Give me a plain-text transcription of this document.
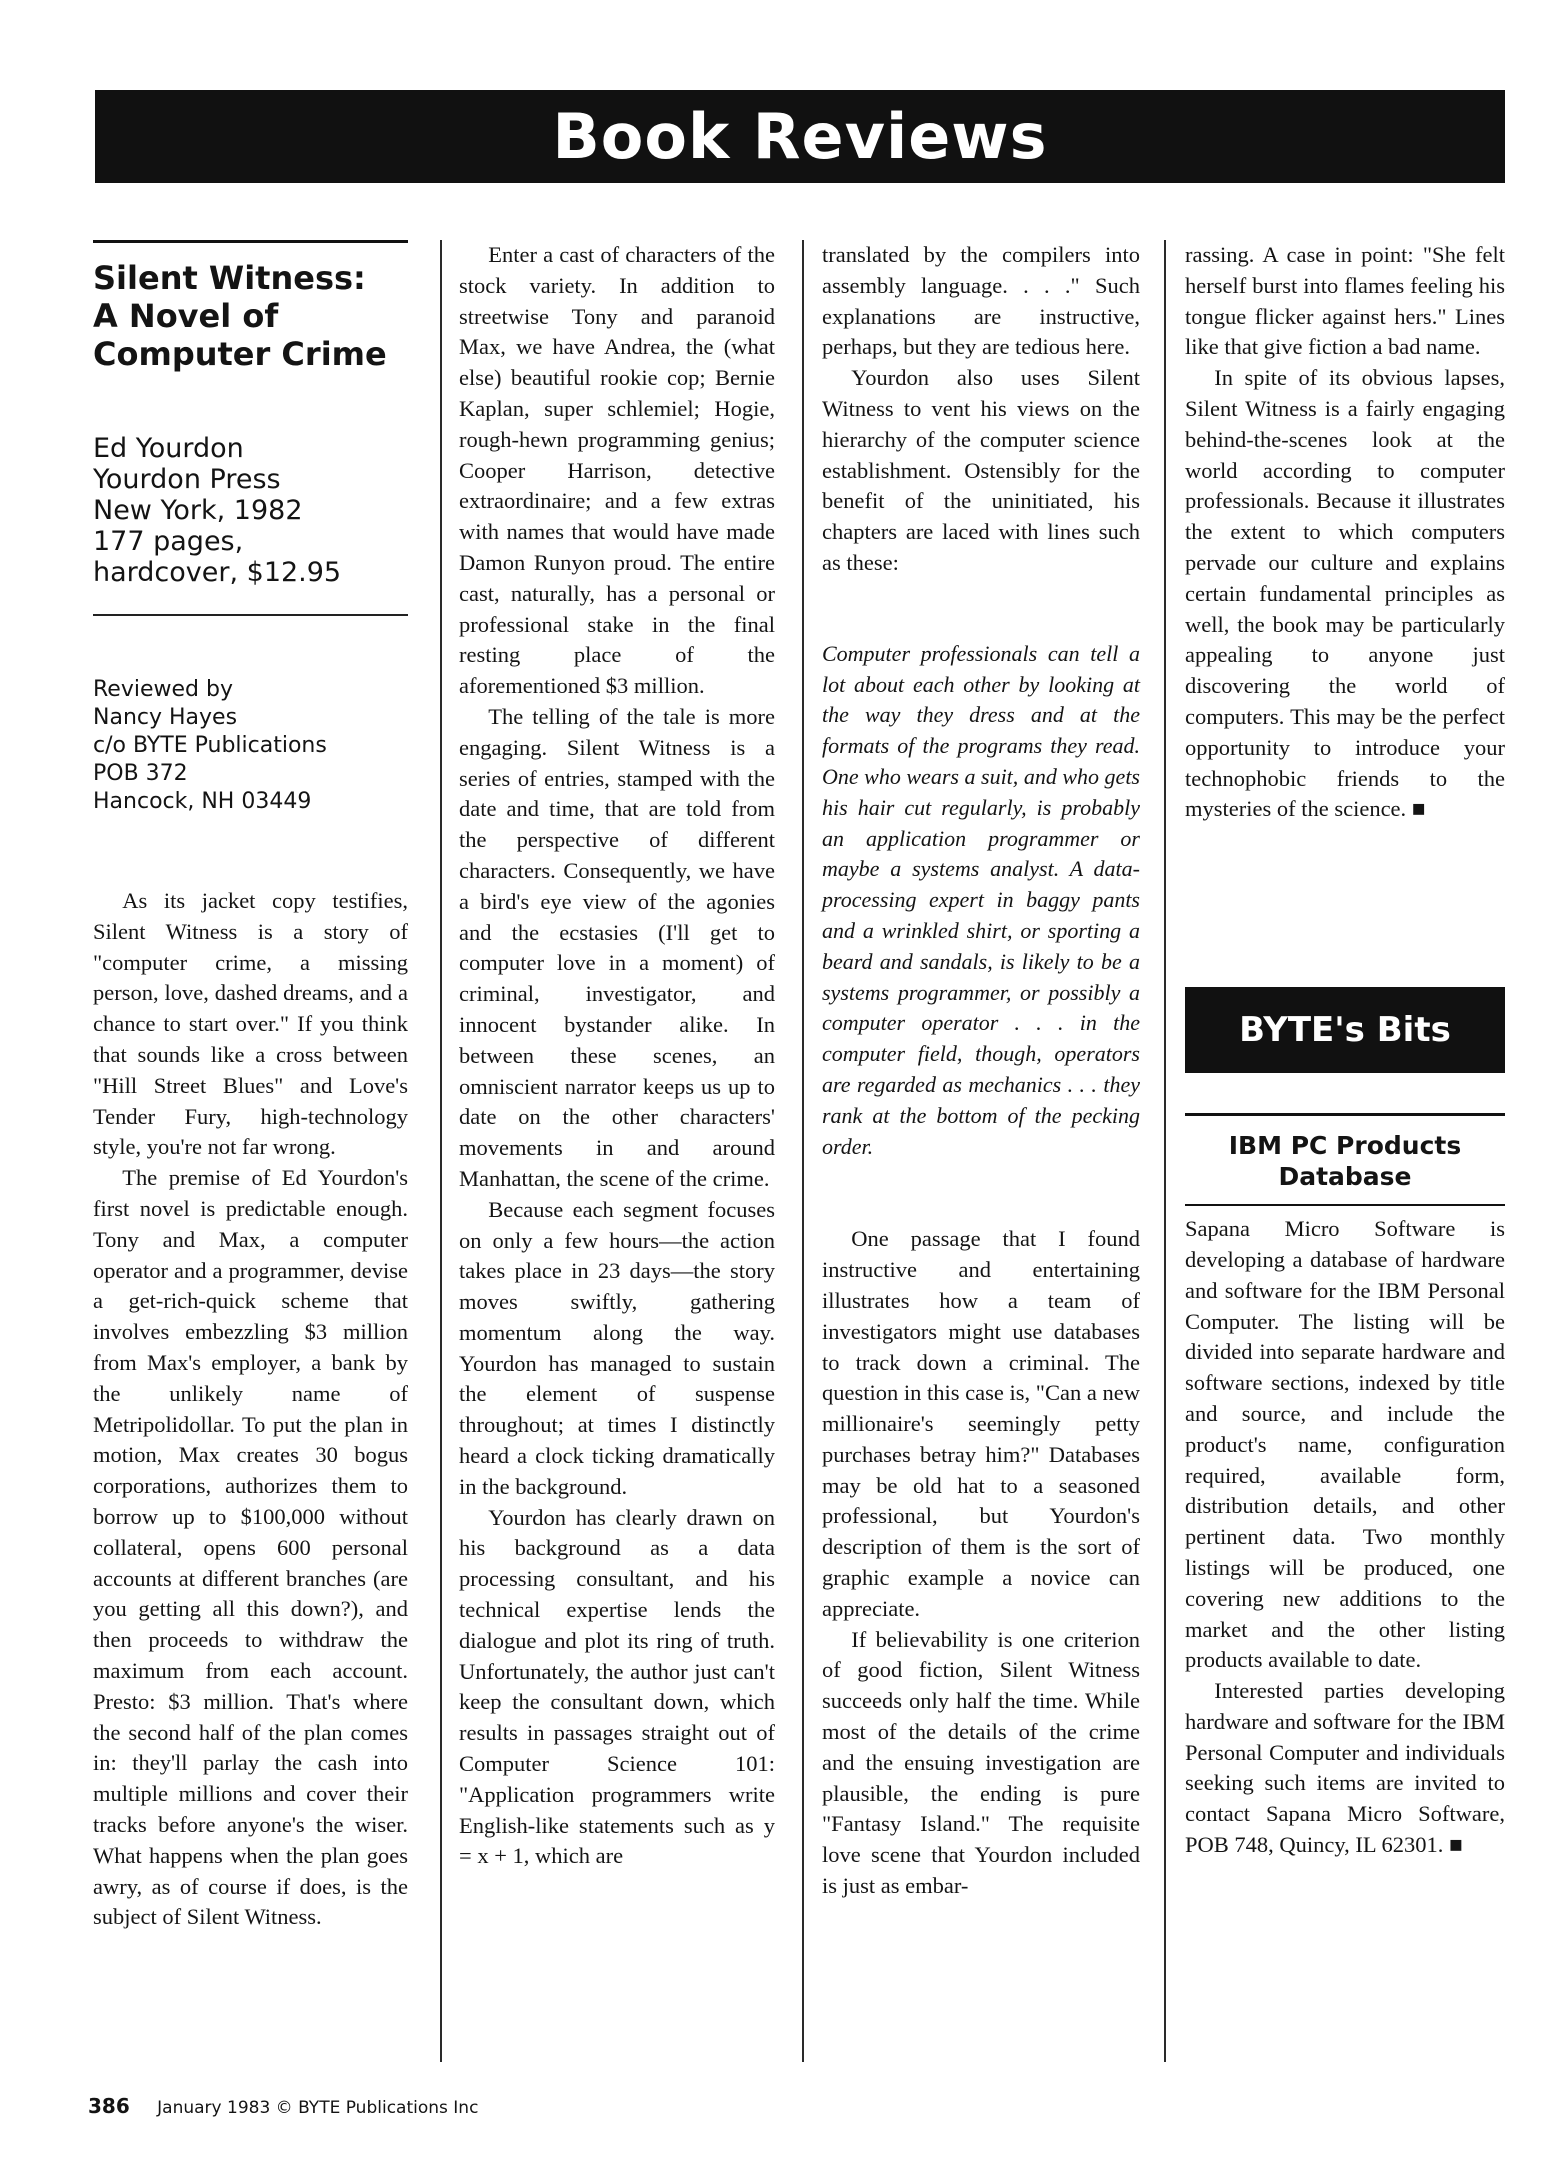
Book Reviews
Silent Witness:
A Novel of
Computer Crime
Ed Yourdon
Yourdon Press
New York, 1982
177 pages,
hardcover, $12.95
Reviewed by
Nancy Hayes
c/o BYTE Publications
POB 372
Hancock, NH 03449

As its jacket copy testifies, Silent Witness is a story of "computer crime, a missing person, love, dashed dreams, and a chance to start over." If you think that sounds like a cross between "Hill Street Blues" and Love's Tender Fury, high-technology style, you're not far wrong.

The premise of Ed Yourdon's first novel is predictable enough. Tony and Max, a computer operator and a programmer, devise a get-rich-quick scheme that involves embezzling $3 million from Max's employer, a bank by the unlikely name of Metripolidollar. To put the plan in motion, Max creates 30 bogus corporations, authorizes them to borrow up to $100,000 without collateral, opens 600 personal accounts at different branches (are you getting all this down?), and then proceeds to withdraw the maximum from each account. Presto: $3 million. That's where the second half of the plan comes in: they'll parlay the cash into multiple millions and cover their tracks before anyone's the wiser. What happens when the plan goes awry, as of course if does, is the subject of Silent Witness.

Enter a cast of characters of the stock variety. In addition to streetwise Tony and paranoid Max, we have Andrea, the (what else) beautiful rookie cop; Bernie Kaplan, super schlemiel; Hogie, rough-hewn programming genius; Cooper Harrison, detective extraordinaire; and a few extras with names that would have made Damon Runyon proud. The entire cast, naturally, has a personal or professional stake in the final resting place of the aforementioned $3 million.

The telling of the tale is more engaging. Silent Witness is a series of entries, stamped with the date and time, that are told from the perspective of different characters. Consequently, we have a bird's eye view of the agonies and the ecstasies (I'll get to computer love in a moment) of criminal, investigator, and innocent bystander alike. In between these scenes, an omniscient narrator keeps us up to date on the other characters' movements in and around Manhattan, the scene of the crime.

Because each segment focuses on only a few hours—the action takes place in 23 days—the story moves swiftly, gathering momentum along the way. Yourdon has managed to sustain the element of suspense throughout; at times I distinctly heard a clock ticking dramatically in the background.

Yourdon has clearly drawn on his background as a data processing consultant, and his technical expertise lends the dialogue and plot its ring of truth. Unfortunately, the author just can't keep the consultant down, which results in passages straight out of Computer Science 101: "Application programmers write English-like statements such as y = x + 1, which are

translated by the compilers into assembly language. . . ." Such explanations are instructive, perhaps, but they are tedious here.

Yourdon also uses Silent Witness to vent his views on the hierarchy of the computer science establishment. Ostensibly for the benefit of the uninitiated, his chapters are laced with lines such as these:

Computer professionals can tell a lot about each other by looking at the way they dress and at the formats of the programs they read. One who wears a suit, and who gets his hair cut regularly, is probably an application programmer or maybe a systems analyst. A data-processing expert in baggy pants and a wrinkled shirt, or sporting a beard and sandals, is likely to be a systems programmer, or possibly a computer operator . . . in the computer field, though, operators are regarded as mechanics . . . they rank at the bottom of the pecking order.

One passage that I found instructive and entertaining illustrates how a team of investigators might use databases to track down a criminal. The question in this case is, "Can a new millionaire's seemingly petty purchases betray him?" Databases may be old hat to a seasoned professional, but Yourdon's description of them is the sort of graphic example a novice can appreciate.

If believability is one criterion of good fiction, Silent Witness succeeds only half the time. While most of the details of the crime and the ensuing investigation are plausible, the ending is pure "Fantasy Island." The requisite love scene that Yourdon included is just as embar-

rassing. A case in point: "She felt herself burst into flames feeling his tongue flicker against hers." Lines like that give fiction a bad name.

In spite of its obvious lapses, Silent Witness is a fairly engaging behind-the-scenes look at the world according to computer professionals. Because it illustrates the extent to which computers pervade our culture and explains certain fundamental principles as well, the book may be particularly appealing to anyone just discovering the world of computers. This may be the perfect opportunity to introduce your technophobic friends to the mysteries of the science. ■

BYTE's Bits
IBM PC Products Database

Sapana Micro Software is developing a database of hardware and software for the IBM Personal Computer. The listing will be divided into separate hardware and software sections, indexed by title and source, and include the product's name, configuration required, available form, distribution details, and other pertinent data. Two monthly listings will be produced, one covering new additions to the market and the other listing products available to date.

Interested parties developing hardware and software for the IBM Personal Computer and individuals seeking such items are invited to contact Sapana Micro Software, POB 748, Quincy, IL 62301. ■

386 January 1983 © BYTE Publications Inc
